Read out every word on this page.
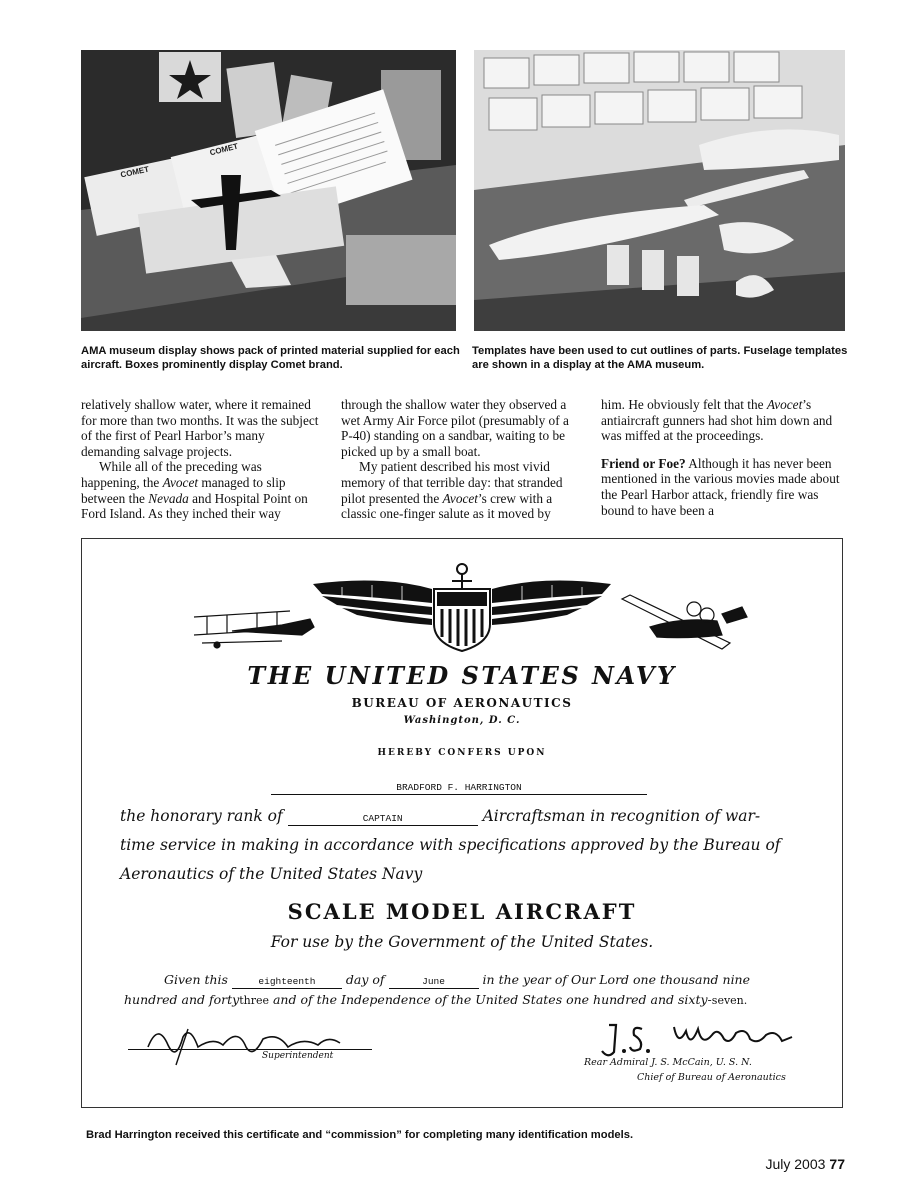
COMET
COMET
AMA museum display shows pack of printed material supplied for each aircraft. Boxes prominently display Comet brand.
Templates have been used to cut outlines of parts. Fuselage templates are shown in a display at the AMA museum.

relatively shallow water, where it remained for more than two months. It was the subject of the first of Pearl Harbor’s many demanding salvage projects.

While all of the preceding was happening, the Avocet managed to slip between the Nevada and Hospital Point on Ford Island. As they inched their way

through the shallow water they observed a wet Army Air Force pilot (presumably of a P-40) standing on a sandbar, waiting to be picked up by a small boat.

My patient described his most vivid memory of that terrible day: that stranded pilot presented the Avocet’s crew with a classic one-finger salute as it moved by

him. He obviously felt that the Avocet’s antiaircraft gunners had shot him down and was miffed at the proceedings.

Friend or Foe? Although it has never been mentioned in the various movies made about the Pearl Harbor attack, friendly fire was bound to have been a

THE UNITED STATES NAVY
BUREAU OF AERONAUTICS
Washington, D. C.
HEREBY CONFERS UPON
BRADFORD F. HARRINGTON
the honorary rank of	CAPTAIN	Aircraftsman in recognition of war-
time service in making in accordance with specifications approved by the Bureau of
Aeronautics of the United States Navy
SCALE MODEL AIRCRAFT
For use by the Government of the United States.
Given this	eighteenth day of	June	in the year of Our Lord one thousand nine
hundred and fortythree and of the Independence of the United States one hundred and sixty-seven.
Superintendent
Rear Admiral J. S. McCain, U. S. N.
Chief of Bureau of Aeronautics
Brad Harrington received this certificate and “commission” for completing many identification models.
July 2003 77
